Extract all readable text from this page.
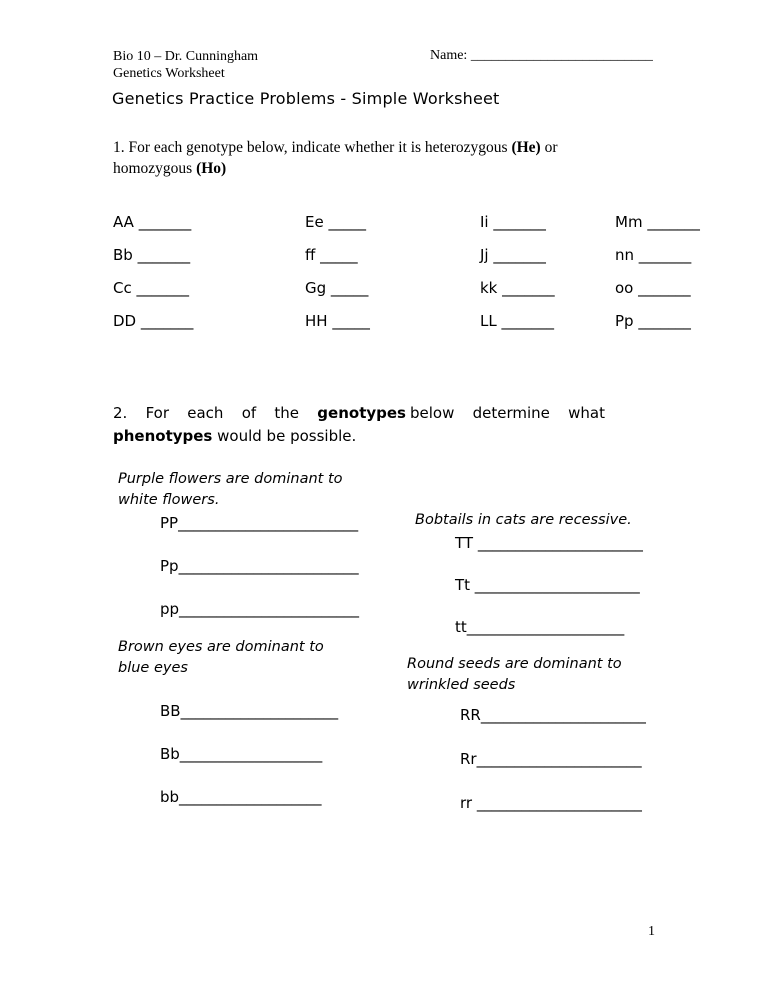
Bio 10 – Dr. Cunningham
Genetics Worksheet
Name: __________________________
Genetics Practice Problems - Simple Worksheet
1. For each genotype below, indicate whether it is heterozygous (He) or
homozygous (Ho)
AA _______	Ee _____	Ii _______	Mm _______
Bb _______	ff _____	Jj _______	nn _______
Cc _______	Gg _____	kk _______	oo _______
DD _______	HH _____	LL _______	Pp _______
2. For each of the genotypes below determine what
phenotypes would be possible.
Purple flowers are dominant to
white flowers.
PP________________________
Pp________________________
pp________________________
Bobtails in cats are recessive.
TT ______________________
Tt ______________________
tt_____________________
Brown eyes are dominant to
blue eyes
BB_____________________
Bb___________________
bb___________________
Round seeds are dominant to
wrinkled seeds
RR______________________
Rr______________________
rr ______________________
1
